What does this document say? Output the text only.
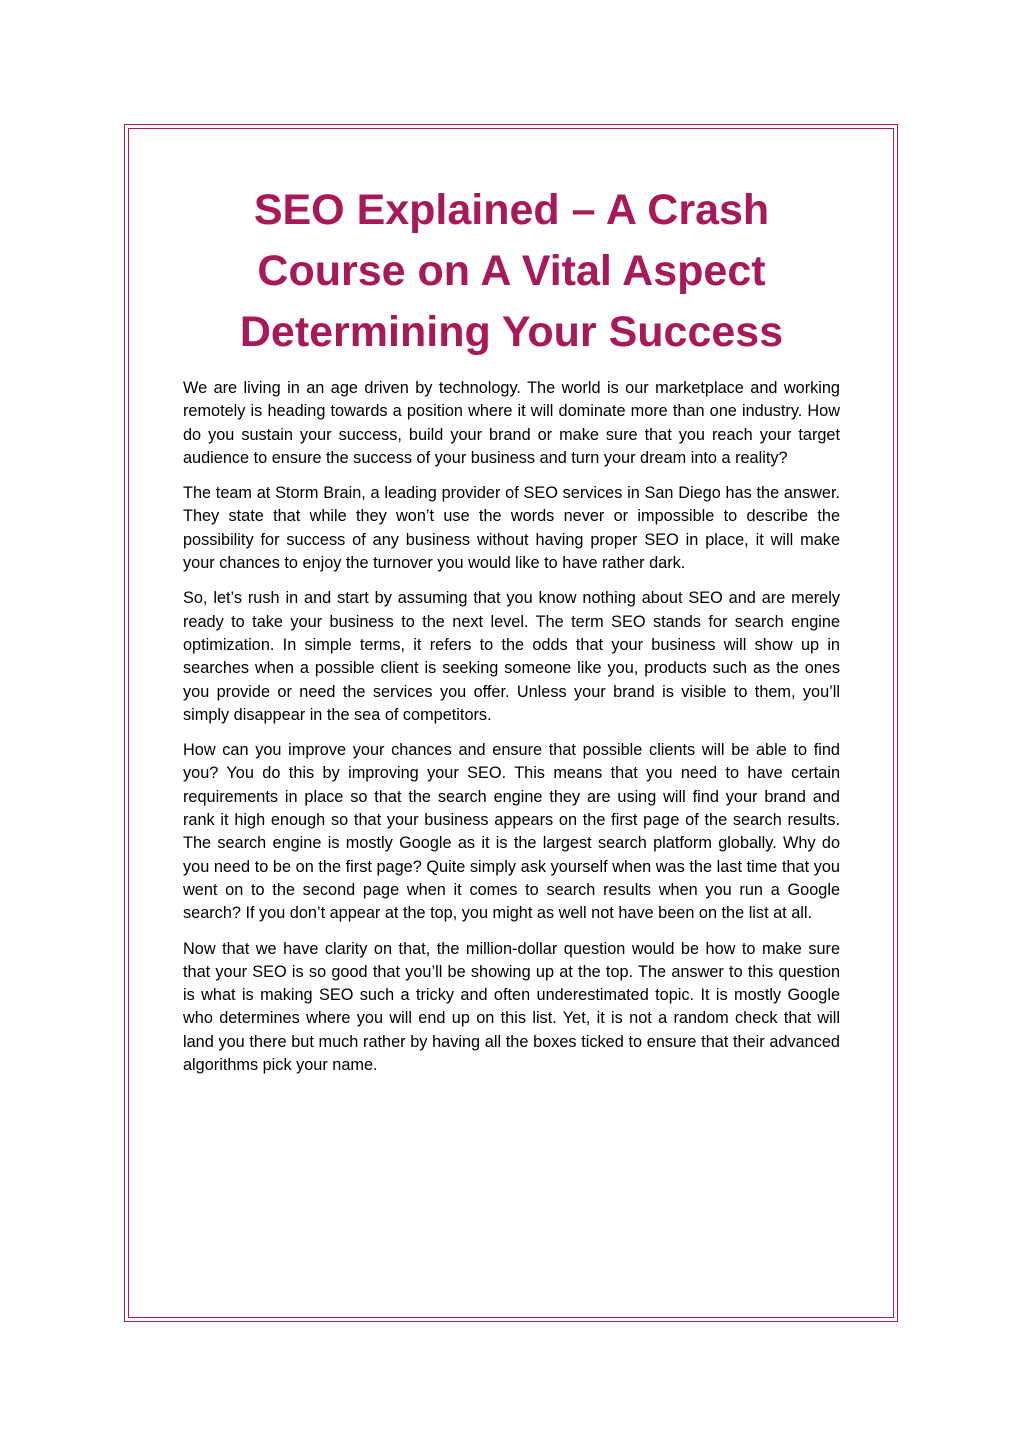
SEO Explained – A Crash Course on A Vital Aspect Determining Your Success

We are living in an age driven by technology. The world is our marketplace and working remotely is heading towards a position where it will dominate more than one industry. How do you sustain your success, build your brand or make sure that you reach your target audience to ensure the success of your business and turn your dream into a reality?

The team at Storm Brain, a leading provider of SEO services in San Diego has the answer. They state that while they won’t use the words never or impossible to describe the possibility for success of any business without having proper SEO in place, it will make your chances to enjoy the turnover you would like to have rather dark.

So, let’s rush in and start by assuming that you know nothing about SEO and are merely ready to take your business to the next level. The term SEO stands for search engine optimization. In simple terms, it refers to the odds that your business will show up in searches when a possible client is seeking someone like you, products such as the ones you provide or need the services you offer. Unless your brand is visible to them, you’ll simply disappear in the sea of competitors.

How can you improve your chances and ensure that possible clients will be able to find you? You do this by improving your SEO. This means that you need to have certain requirements in place so that the search engine they are using will find your brand and rank it high enough so that your business appears on the first page of the search results. The search engine is mostly Google as it is the largest search platform globally. Why do you need to be on the first page? Quite simply ask yourself when was the last time that you went on to the second page when it comes to search results when you run a Google search? If you don’t appear at the top, you might as well not have been on the list at all.

Now that we have clarity on that, the million-dollar question would be how to make sure that your SEO is so good that you’ll be showing up at the top. The answer to this question is what is making SEO such a tricky and often underestimated topic. It is mostly Google who determines where you will end up on this list. Yet, it is not a random check that will land you there but much rather by having all the boxes ticked to ensure that their advanced algorithms pick your name.
